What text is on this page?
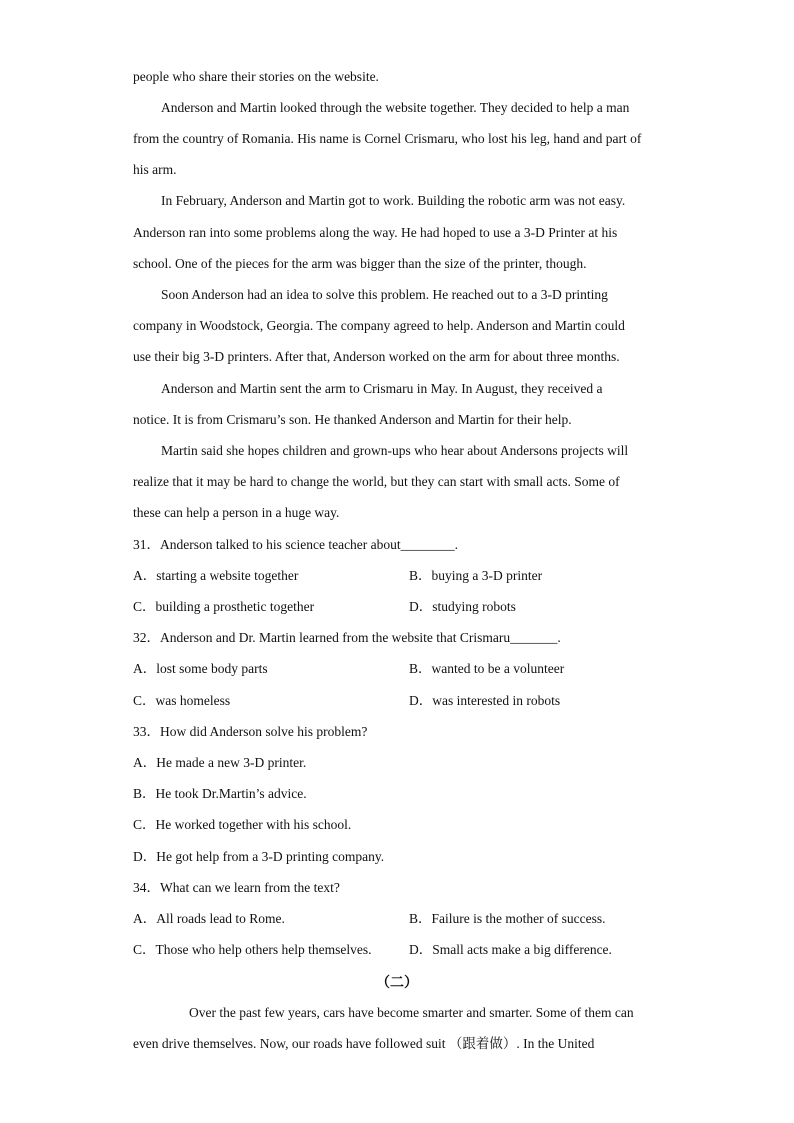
people who share their stories on the website.
Anderson and Martin looked through the website together. They decided to help a man
from the country of Romania. His name is Cornel Crismaru, who lost his leg, hand and part of
his arm.
In February, Anderson and Martin got to work. Building the robotic arm was not easy.
Anderson ran into some problems along the way. He had hoped to use a 3-D Printer at his
school. One of the pieces for the arm was bigger than the size of the printer, though.
Soon Anderson had an idea to solve this problem. He reached out to a 3-D printing
company in Woodstock, Georgia. The company agreed to help. Anderson and Martin could
use their big 3-D printers. After that, Anderson worked on the arm for about three months.
Anderson and Martin sent the arm to Crismaru in May. In August, they received a
notice. It is from Crismaru’s son. He thanked Anderson and Martin for their help.
Martin said she hopes children and grown-ups who hear about Andersons projects will
realize that it may be hard to change the world, but they can start with small acts. Some of
these can help a person in a huge way.
31．Anderson talked to his science teacher about________.
A．starting a website together	B．buying a 3-D printer
C．building a prosthetic together	D．studying robots
32．Anderson and Dr. Martin learned from the website that Crismaru_______.
A．lost some body parts	B．wanted to be a volunteer
C．was homeless	D．was interested in robots
33．How did Anderson solve his problem?
A．He made a new 3-D printer.
B．He took Dr.Martin’s advice.
C．He worked together with his school.
D．He got help from a 3-D printing company.
34．What can we learn from the text?
A．All roads lead to Rome.	B．Failure is the mother of success.
C．Those who help others help themselves.	D．Small acts make a big difference.
（二）
Over the past few years, cars have become smarter and smarter. Some of them can
even drive themselves. Now, our roads have followed suit （跟着做）. In the United
